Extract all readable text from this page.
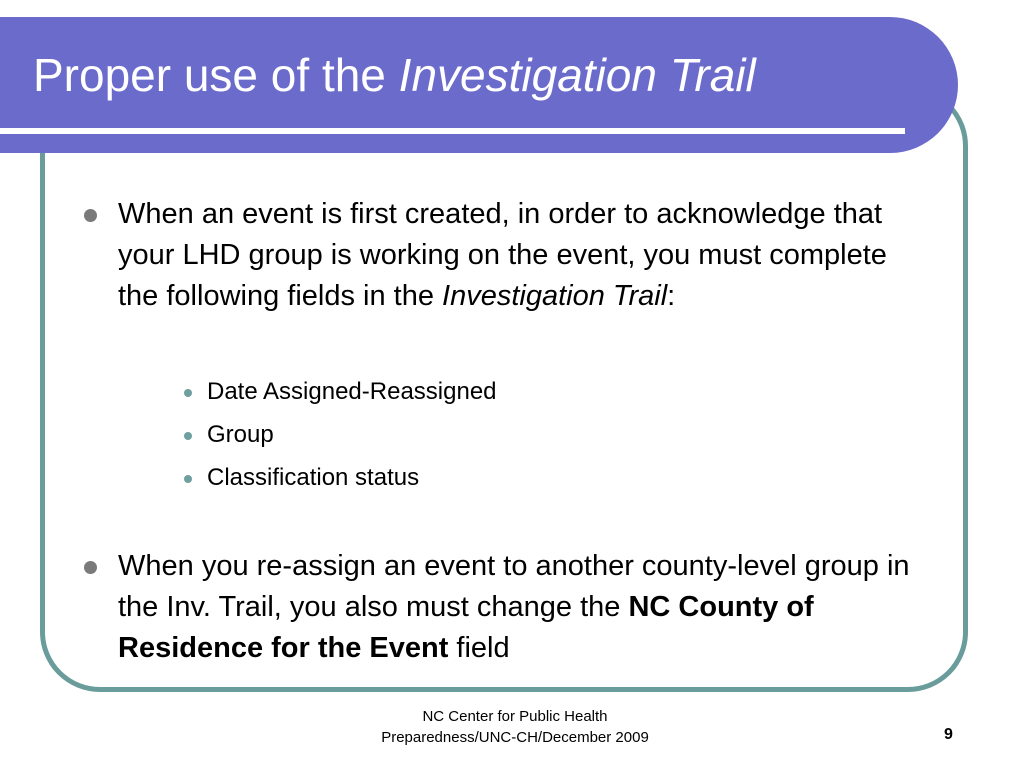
Proper use of the Investigation Trail

When an event is first created, in order to acknowledge that your LHD group is working on the event, you must complete the following fields in the Investigation Trail:

Date Assigned-Reassigned
Group
Classification status

When you re-assign an event to another county-level group in the Inv. Trail, you also must change the NC County of Residence for the Event field

NC Center for Public Health
Preparedness/UNC-CH/December 2009	9
